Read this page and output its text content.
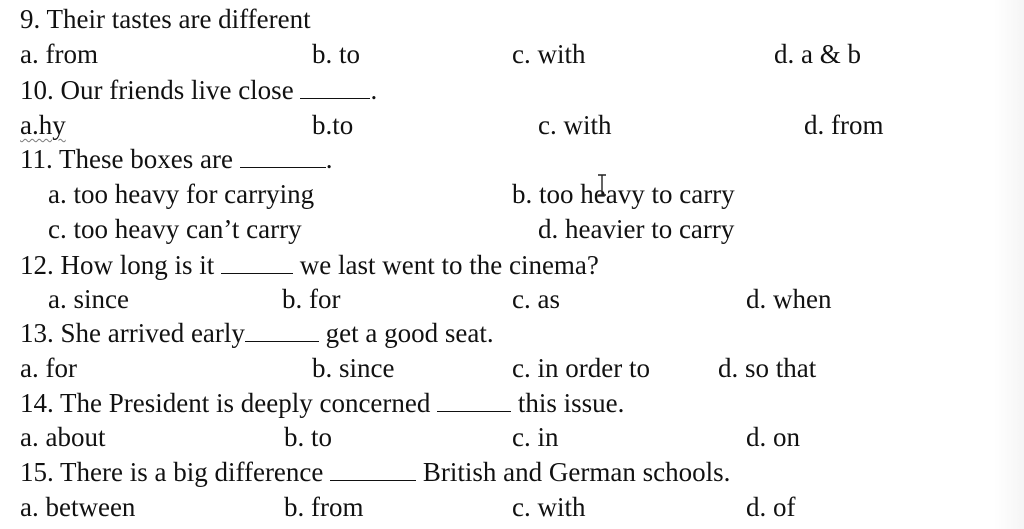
9. Their tastes are different
a. from	b. to	c. with	d. a & b
10. Our friends live close	.
a.hy	b.to	c. with	d. from
11. These boxes are	.
a. too heavy for carrying	b. too heavy to carry
c. too heavy can’t carry	d. heavier to carry
12. How long is it	we last went to the cinema?
a. since	b. for	c. as	d. when
13. She arrived early	get a good seat.
a. for	b. since	c. in order to	d. so that
14. The President is deeply concerned	this issue.
a. about	b. to	c. in	d. on
15. There is a big difference	British and German schools.
a. between	b. from	c. with	d. of
